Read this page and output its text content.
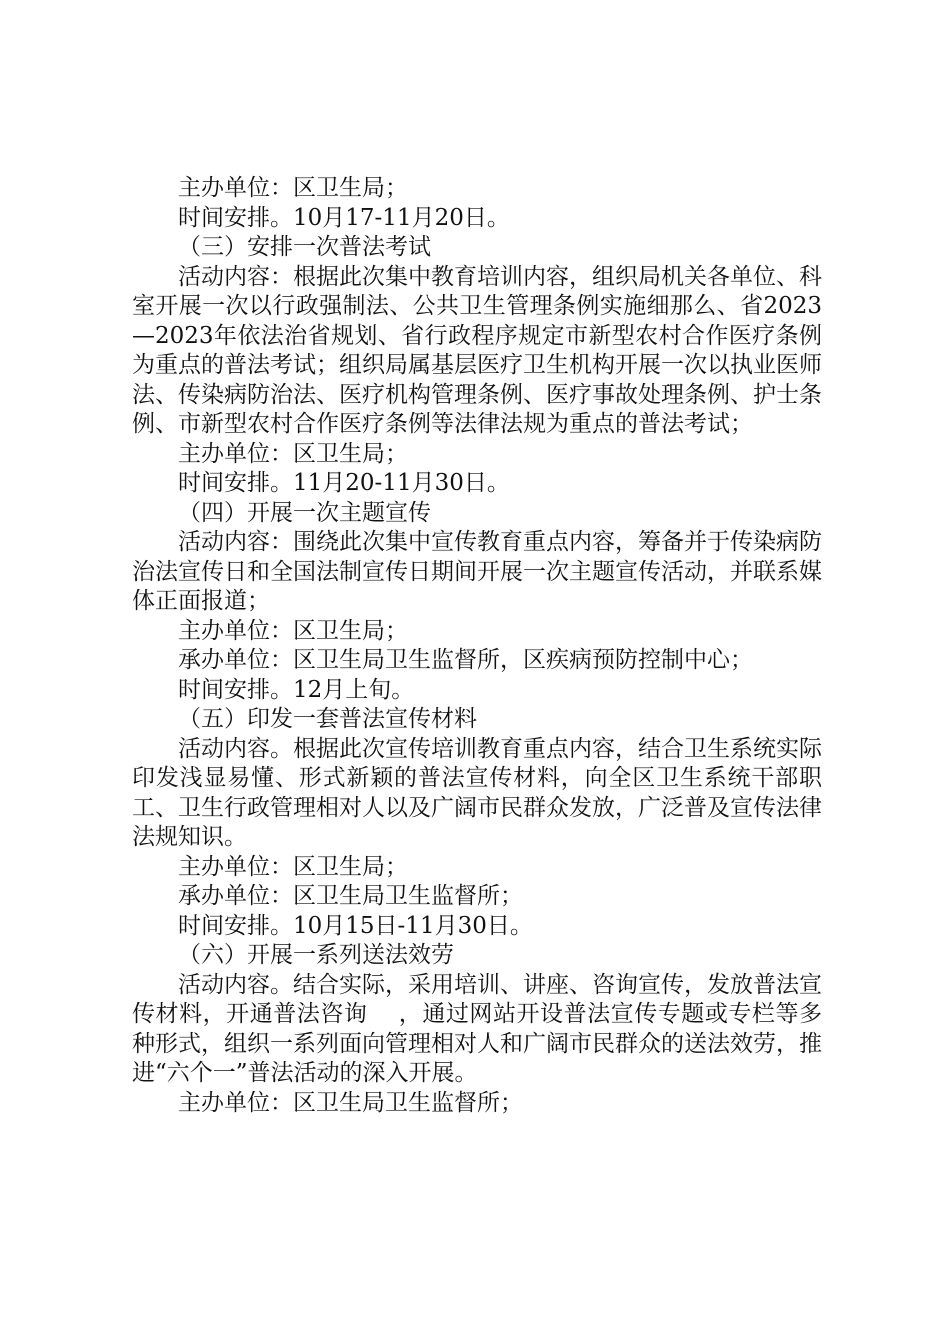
主办单位：区卫生局；

时间安排。10月17-11月20日。

（三）安排一次普法考试

活动内容：根据此次集中教育培训内容，组织局机关各单位、科室开展一次以行政强制法、公共卫生管理条例实施细那么、省2023—2023年依法治省规划、省行政程序规定市新型农村合作医疗条例为重点的普法考试；组织局属基层医疗卫生机构开展一次以执业医师法、传染病防治法、医疗机构管理条例、医疗事故处理条例、护士条例、市新型农村合作医疗条例等法律法规为重点的普法考试；

主办单位：区卫生局；

时间安排。11月20-11月30日。

（四）开展一次主题宣传

活动内容：围绕此次集中宣传教育重点内容，筹备并于传染病防治法宣传日和全国法制宣传日期间开展一次主题宣传活动，并联系媒体正面报道；

主办单位：区卫生局；

承办单位：区卫生局卫生监督所，区疾病预防控制中心；

时间安排。12月上旬。

（五）印发一套普法宣传材料

活动内容。根据此次宣传培训教育重点内容，结合卫生系统实际印发浅显易懂、形式新颖的普法宣传材料，向全区卫生系统干部职工、卫生行政管理相对人以及广阔市民群众发放，广泛普及宣传法律法规知识。

主办单位：区卫生局；

承办单位：区卫生局卫生监督所；

时间安排。10月15日-11月30日。

（六）开展一系列送法效劳

活动内容。结合实际，采用培训、讲座、咨询宣传，发放普法宣传材料，开通普法咨询    ，通过网站开设普法宣传专题或专栏等多种形式，组织一系列面向管理相对人和广阔市民群众的送法效劳，推进“六个一”普法活动的深入开展。

主办单位：区卫生局卫生监督所；
